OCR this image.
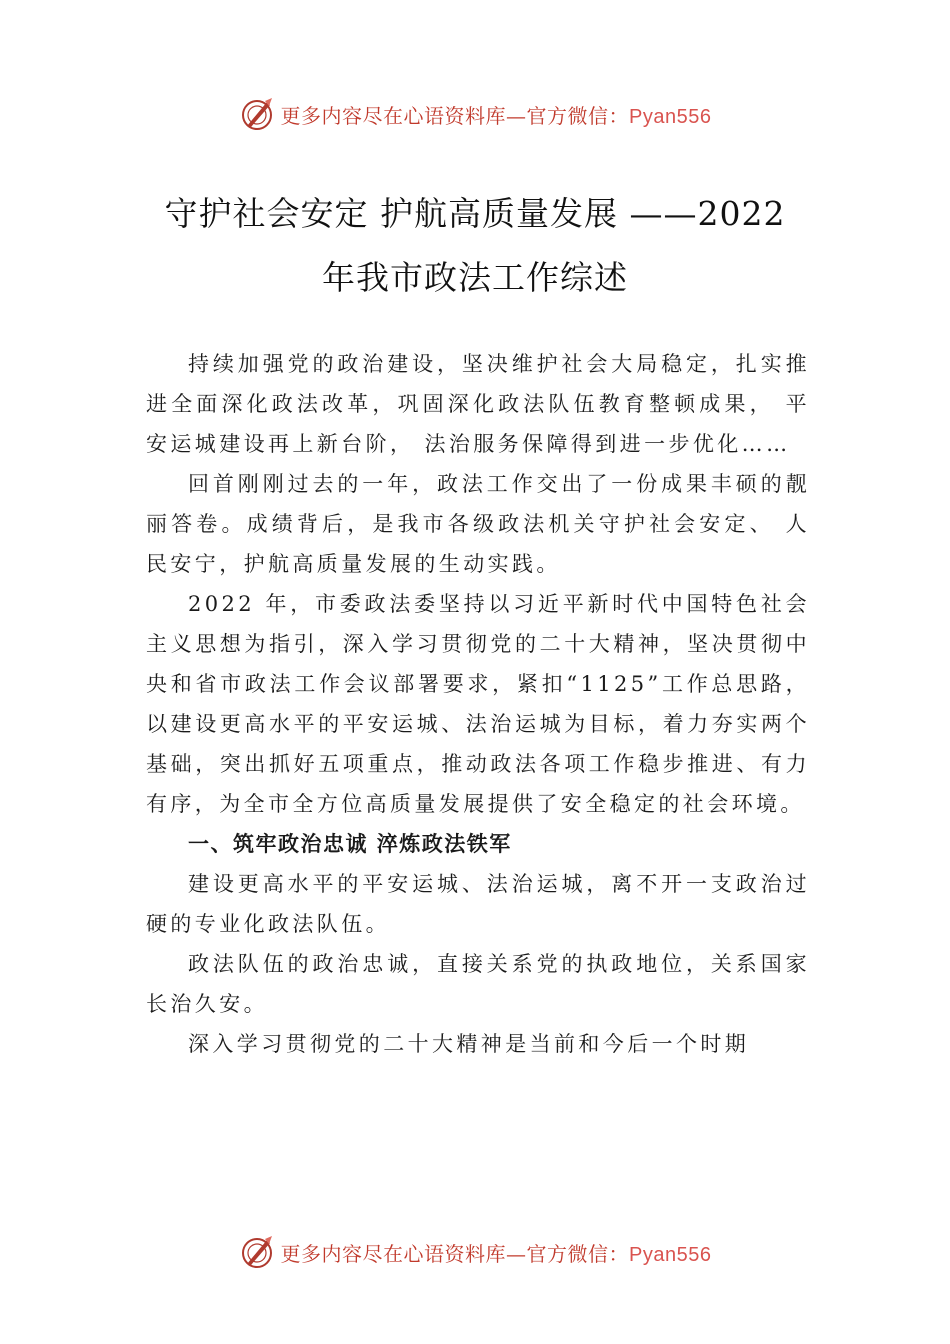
更多内容尽在心语资料库—官方微信：Pyan556
守护社会安定 护航高质量发展 ——2022
年我市政法工作综述

持续加强党的政治建设，坚决维护社会大局稳定，扎实推进全面深化政法改革，巩固深化政法队伍教育整顿成果， 平安运城建设再上新台阶， 法治服务保障得到进一步优化……

回首刚刚过去的一年，政法工作交出了一份成果丰硕的靓丽答卷。成绩背后，是我市各级政法机关守护社会安定、 人民安宁，护航高质量发展的生动实践。

2022 年，市委政法委坚持以习近平新时代中国特色社会主义思想为指引，深入学习贯彻党的二十大精神，坚决贯彻中央和省市政法工作会议部署要求，紧扣“1125”工作总思路，以建设更高水平的平安运城、法治运城为目标，着力夯实两个基础，突出抓好五项重点，推动政法各项工作稳步推进、有力有序，为全市全方位高质量发展提供了安全稳定的社会环境。

一、筑牢政治忠诚 淬炼政法铁军

建设更高水平的平安运城、法治运城，离不开一支政治过硬的专业化政法队伍。

政法队伍的政治忠诚，直接关系党的执政地位，关系国家长治久安。

深入学习贯彻党的二十大精神是当前和今后一个时期

更多内容尽在心语资料库—官方微信：Pyan556
